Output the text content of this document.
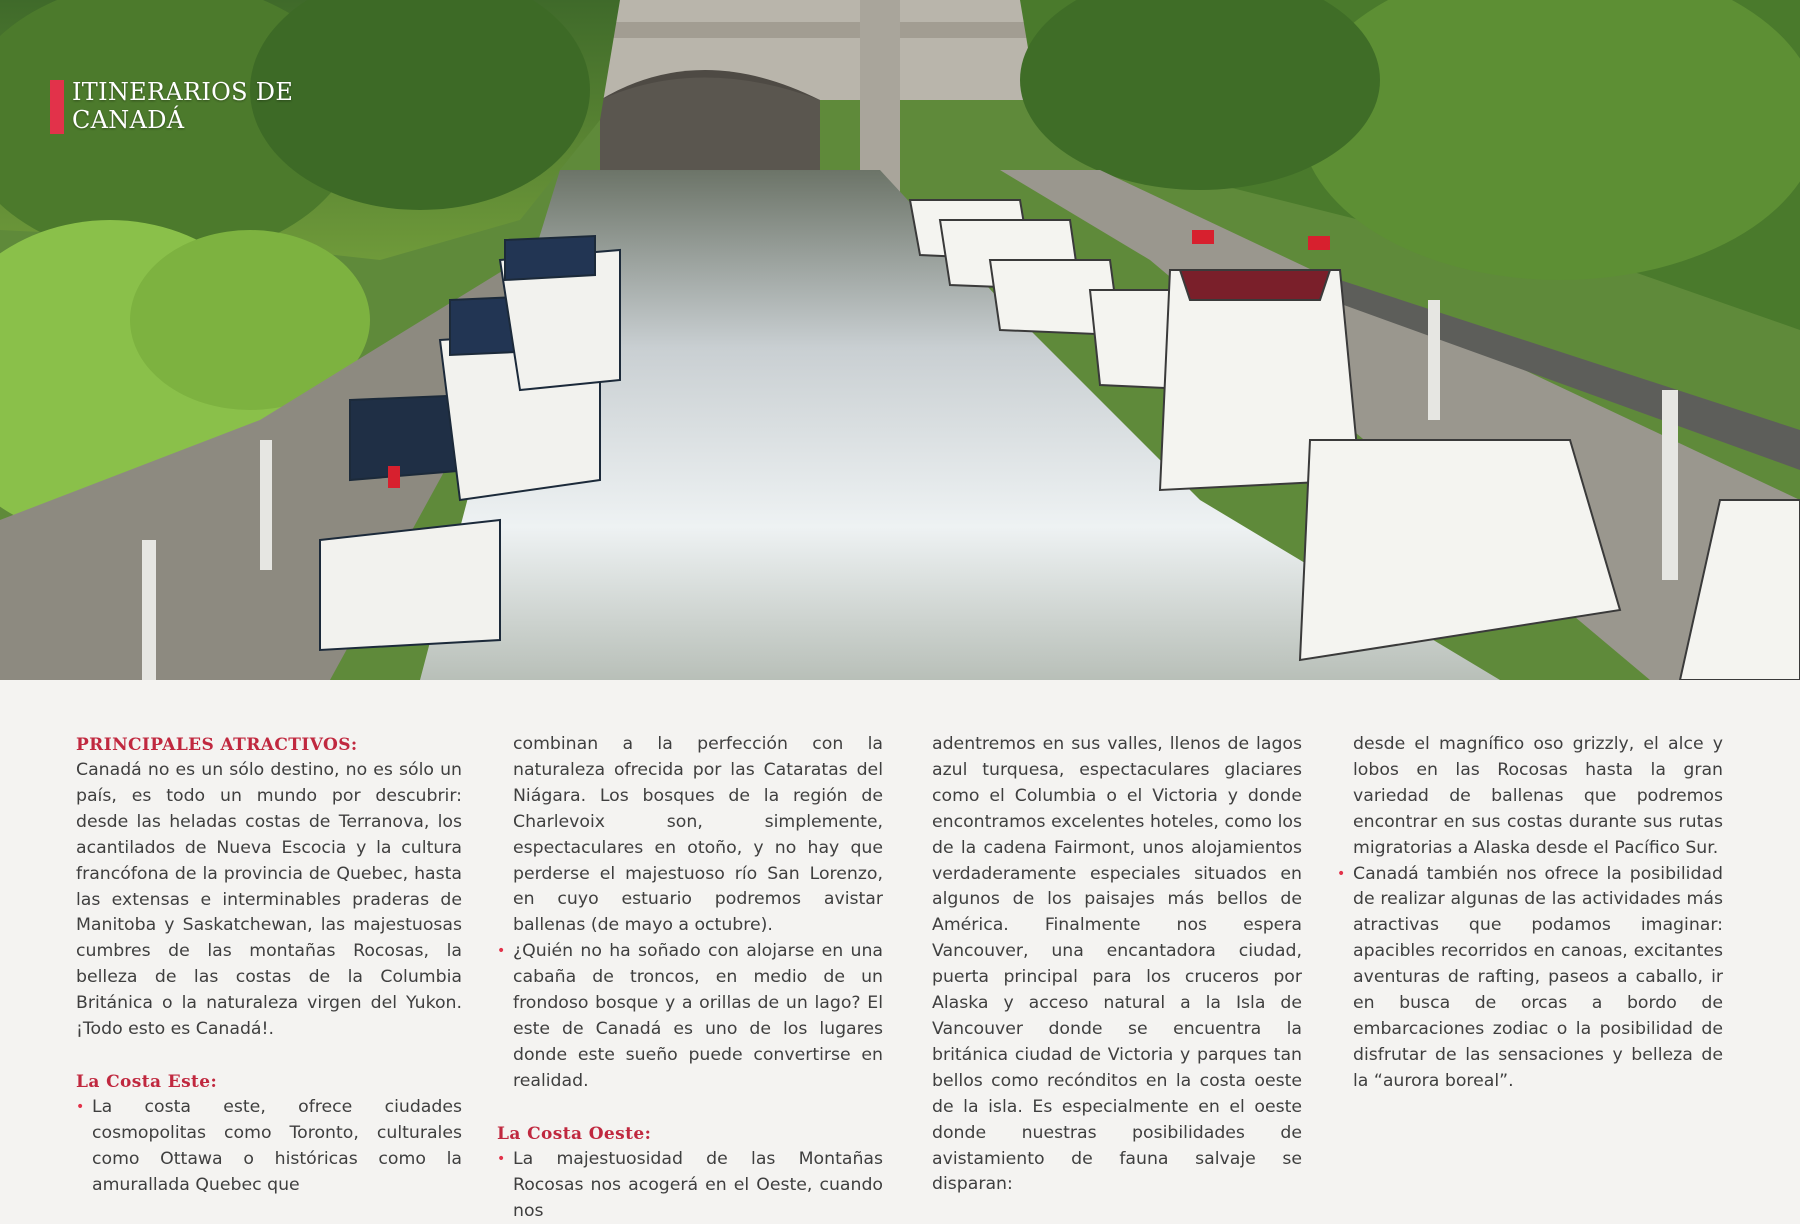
ITINERARIOS DE CANADÁ

PRINCIPALES ATRACTIVOS:

Canadá no es un sólo destino, no es sólo un país, es todo un mundo por descubrir: desde las heladas costas de Terranova, los acantilados de Nueva Escocia y la cultura francófona de la provincia de Quebec, hasta las extensas e interminables praderas de Manitoba y Saskatchewan, las majestuosas cumbres de las montañas Rocosas, la belleza de las costas de la Columbia Británica o la naturaleza virgen del Yukon. ¡Todo esto es Canadá!.

La Costa Este:

• La costa este, ofrece ciudades cosmopolitas como Toronto, culturales como Ottawa o históricas como la amurallada Quebec que

combinan a la perfección con la naturaleza ofrecida por las Cataratas del Niágara. Los bosques de la región de Charlevoix son, simplemente, espectaculares en otoño, y no hay que perderse el majestuoso río San Lorenzo, en cuyo estuario podremos avistar ballenas (de mayo a octubre).

• ¿Quién no ha soñado con alojarse en una cabaña de troncos, en medio de un frondoso bosque y a orillas de un lago? El este de Canadá es uno de los lugares donde este sueño puede convertirse en realidad.

La Costa Oeste:

• La majestuosidad de las Montañas Rocosas nos acogerá en el Oeste, cuando nos

adentremos en sus valles, llenos de lagos azul turquesa, espectaculares glaciares como el Columbia o el Victoria y donde encontramos excelentes hoteles, como los de la cadena Fairmont, unos alojamientos verdaderamente especiales situados en algunos de los paisajes más bellos de América. Finalmente nos espera Vancouver, una encantadora ciudad, puerta principal para los cruceros por Alaska y acceso natural a la Isla de Vancouver donde se encuentra la británica ciudad de Victoria y parques tan bellos como recónditos en la costa oeste de la isla. Es especialmente en el oeste donde nuestras posibilidades de avistamiento de fauna salvaje se disparan:

desde el magnífico oso grizzly, el alce y lobos en las Rocosas hasta la gran variedad de ballenas que podremos encontrar en sus costas durante sus rutas migratorias a Alaska desde el Pacífico Sur.

• Canadá también nos ofrece la posibilidad de realizar algunas de las actividades más atractivas que podamos imaginar: apacibles recorridos en canoas, excitantes aventuras de rafting, paseos a caballo, ir en busca de orcas a bordo de embarcaciones zodiac o la posibilidad de disfrutar de las sensaciones y belleza de la “aurora boreal”.
